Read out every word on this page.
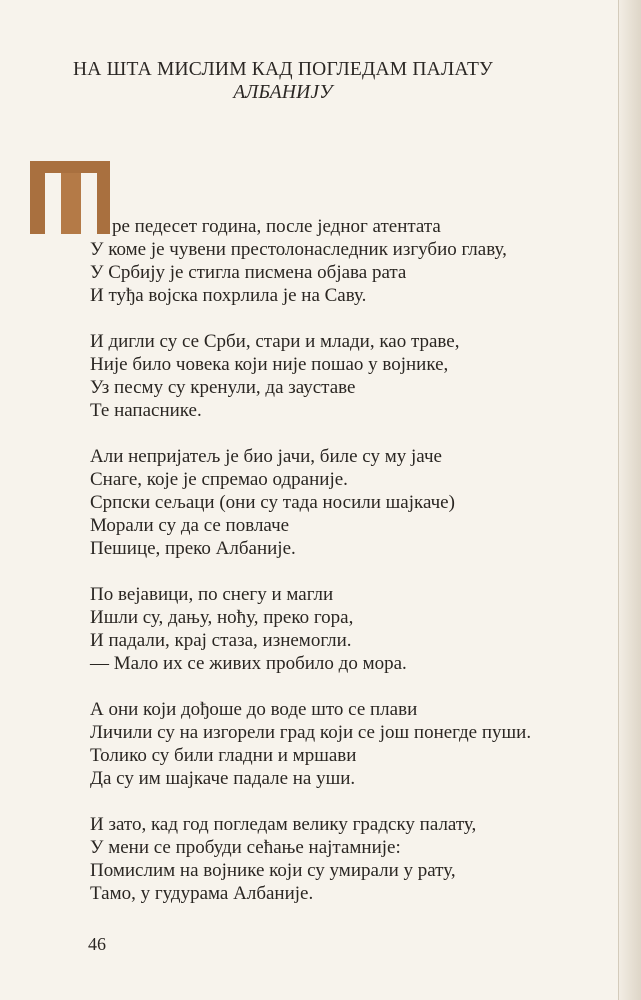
НА ШТА МИСЛИМ КАД ПОГЛЕДАМ ПАЛАТУ
АЛБАНИЈУ
ре педесет година, после једног атентата
У коме је чувени престолонаследник изгубио главу,
У Србију је стигла писмена објава рата
И туђа војска похрлила је на Саву.
И дигли су се Срби, стари и млади, као траве,
Није било човека који није пошао у војнике,
Уз песму су кренули, да зауставе
Те напаснике.
Али непријатељ је био јачи, биле су му јаче
Снаге, које је спремао одраније.
Српски сељаци (они су тада носили шајкаче)
Морали су да се повлаче
Пешице, преко Албаније.
По вејавици, по снегу и магли
Ишли су, дању, ноћу, преко гора,
И падали, крај стаза, изнемогли.
— Мало их се живих пробило до мора.
А они који дођоше до воде што се плави
Личили су на изгорели град који се још понегде пуши.
Толико су били гладни и мршави
Да су им шајкаче падале на уши.
И зато, кад год погледам велику градску палату,
У мени се пробуди сећање најтамније:
Помислим на војнике који су умирали у рату,
Тамо, у гудурама Албаније.
46
